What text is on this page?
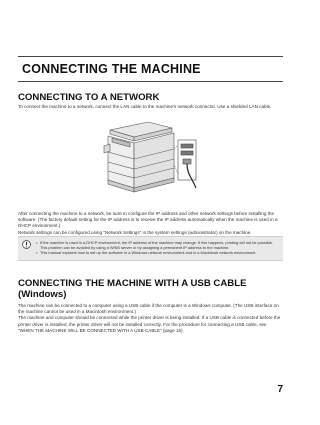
CONNECTING THE MACHINE
CONNECTING TO A NETWORK

To connect the machine to a network, connect the LAN cable to the machine's network connector. Use a shielded LAN cable.

After connecting the machine to a network, be sure to configure the IP address and other network settings before installing the software. (The factory default setting for the IP address is to receive the IP address automatically when the machine is used in a DHCP environment.)

Network settings can be configured using "Network Settings" in the system settings (administrator) on the machine.

• If the machine is used in a DHCP environment, the IP address of the machine may change. If this happens, printing will not be possible. This problem can be avoided by using a WINS server or by assigning a permanent IP address to the machine.
• This manual explains how to set up the software in a Windows network environment and in a Macintosh network environment.
CONNECTING THE MACHINE WITH A USB CABLE (Windows)

The machine can be connected to a computer using a USB cable if the computer is a Windows computer. (The USB interface on the machine cannot be used in a Macintosh environment.)

The machine and computer should be connected while the printer driver is being installed. If a USB cable is connected before the printer driver is installed, the printer driver will not be installed correctly. For the procedure for connecting a USB cable, see "WHEN THE MACHINE WILL BE CONNECTED WITH A USB CABLE" (page 15).

7
